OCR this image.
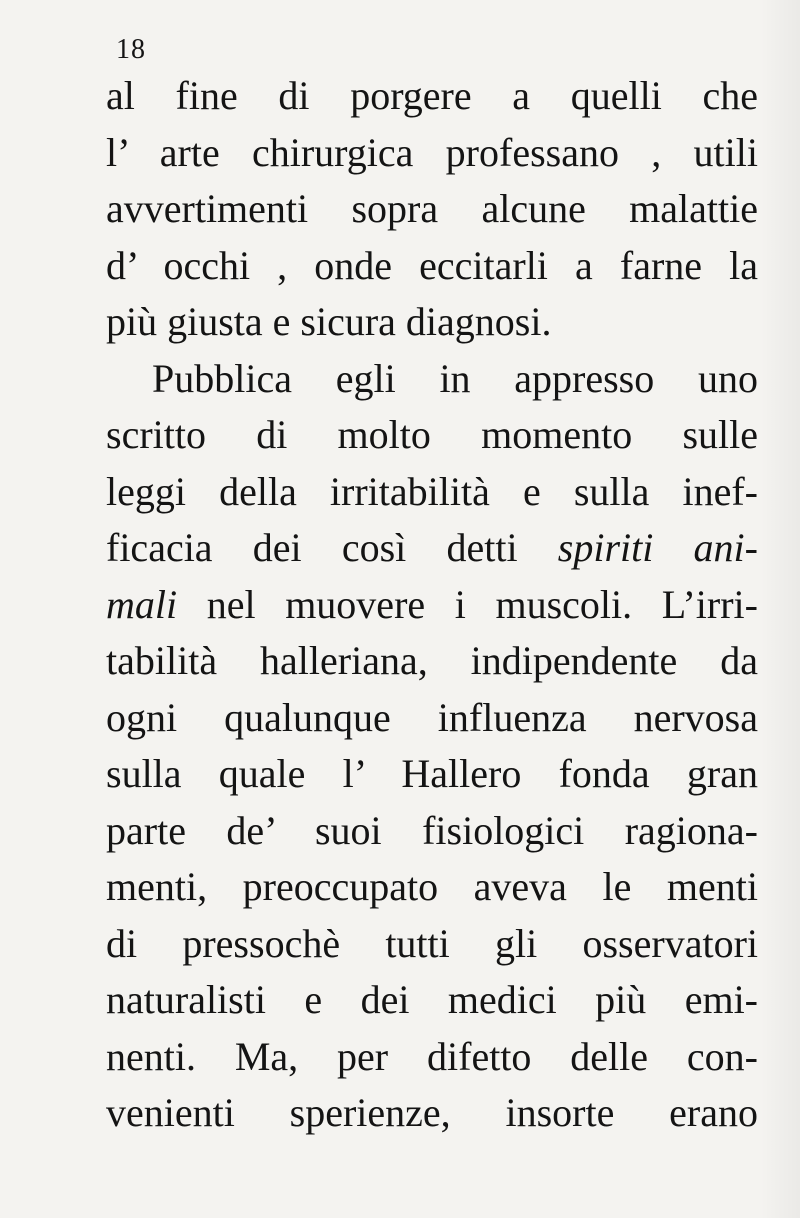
18
al fine di porgere a quelli che
l’ arte chirurgica professano , utili
avvertimenti sopra alcune malattie
d’ occhi , onde eccitarli a farne la
più giusta e sicura diagnosi.
Pubblica egli in appresso uno
scritto di molto momento sulle
leggi della irritabilità e sulla inef-
ficacia dei così detti spiriti ani-
mali nel muovere i muscoli. L’irri-
tabilità halleriana, indipendente da
ogni qualunque influenza nervosa
sulla quale l’ Hallero fonda gran
parte de’ suoi fisiologici ragiona-
menti, preoccupato aveva le menti
di pressochè tutti gli osservatori
naturalisti e dei medici più emi-
nenti. Ma, per difetto delle con-
venienti sperienze, insorte erano
